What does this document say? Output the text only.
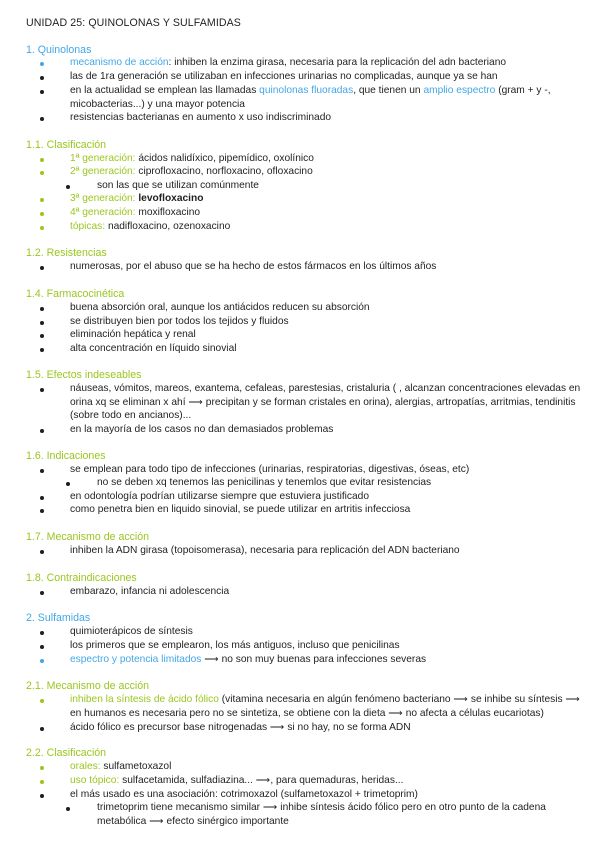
UNIDAD 25: QUINOLONAS Y SULFAMIDAS
1. Quinolonas
mecanismo de acción: inhiben la enzima girasa, necesaria para la replicación del adn bacteriano
las de 1ra generación se utilizaban en infecciones urinarias no complicadas, aunque ya se han
en la actualidad se emplean las llamadas quinolonas fluoradas, que tienen un amplio espectro (gram + y -,
micobacterias...) y una mayor potencia
resistencias bacterianas en aumento x uso indiscriminado
1.1. Clasificación
1ª generación: ácidos nalidíxico, pipemídico, oxolínico
2ª generación: ciprofloxacino, norfloxacino, ofloxacino
son las que se utilizan comúnmente
3ª generación: levofloxacino
4ª generación: moxifloxacino
tópicas: nadifloxacino, ozenoxacino
1.2. Resistencias
numerosas, por el abuso que se ha hecho de estos fármacos en los últimos años
1.4. Farmacocinética
buena absorción oral, aunque los antiácidos reducen su absorción
se distribuyen bien por todos los tejidos y fluidos
eliminación hepática y renal
alta concentración en líquido sinovial
1.5. Efectos indeseables
náuseas, vómitos, mareos, exantema, cefaleas, parestesias, cristaluria ( , alcanzan concentraciones elevadas en
orina xq se eliminan x ahí ⟶ precipitan y se forman cristales en orina), alergias, artropatías, arritmias, tendinitis
(sobre todo en ancianos)...
en la mayoría de los casos no dan demasiados problemas
1.6. Indicaciones
se emplean para todo tipo de infecciones (urinarias, respiratorias, digestivas, óseas, etc)
no se deben xq tenemos las penicilinas y tenemlos que evitar resistencias
en odontología podrían utilizarse siempre que estuviera justificado
como penetra bien en liquido sinovial, se puede utilizar en artritis infecciosa
1.7. Mecanismo de acción
inhiben la ADN girasa (topoisomerasa), necesaria para replicación del ADN bacteriano
1.8. Contraindicaciones
embarazo, infancia ni adolescencia
2. Sulfamidas
quimioterápicos de síntesis
los primeros que se emplearon, los más antiguos, incluso que penicilinas
espectro y potencia limitados ⟶ no son muy buenas para infecciones severas
2.1. Mecanismo de acción
inhiben la síntesis de ácido fólico (vitamina necesaria en algún fenómeno bacteriano ⟶ se inhibe su síntesis ⟶
en humanos es necesaria pero no se sintetiza, se obtiene con la dieta ⟶ no afecta a células eucariotas)
ácido fólico es precursor base nitrogenadas ⟶ si no hay, no se forma ADN
2.2. Clasificación
orales: sulfametoxazol
uso tópico: sulfacetamida, sulfadiazina... ⟶, para quemaduras, heridas...
el más usado es una asociación: cotrimoxazol (sulfametoxazol + trimetoprim)
trimetoprim tiene mecanismo similar ⟶ inhibe síntesis ácido fólico pero en otro punto de la cadena
metabólica ⟶ efecto sinérgico importante
